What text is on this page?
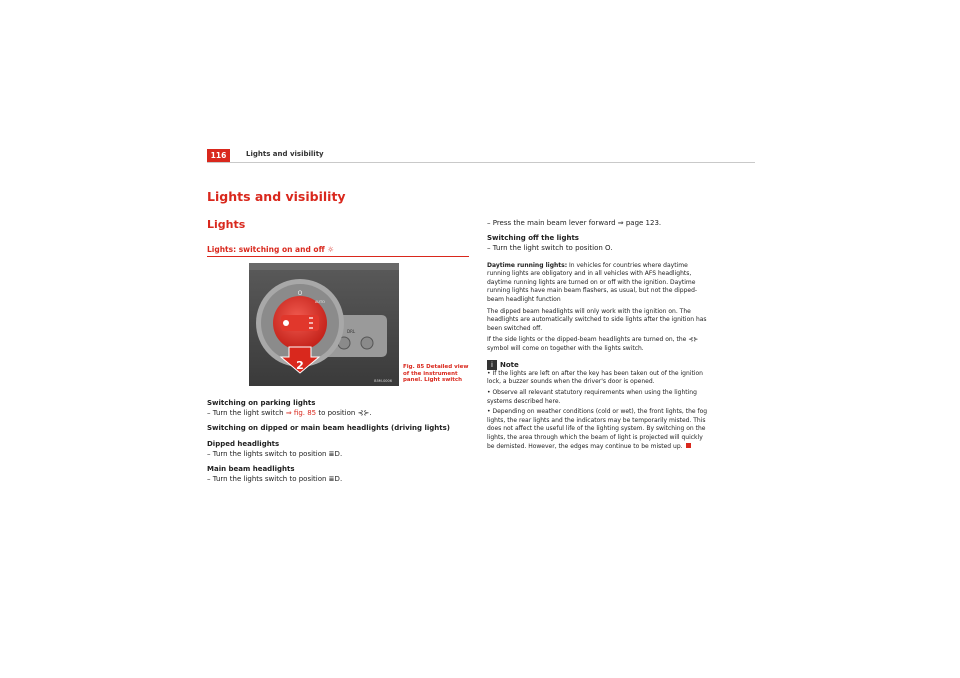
116	Lights and visibility
Lights and visibility
Lights
Lights: switching on and off ☼
O
AUTO
DRL
2
B5M-0006
Fig. 85 Detailed view of the instrument panel. Light switch

Switching on parking lights

– Turn the light switch ⇒ fig. 85 to position ⊰⊱.

Switching on dipped or main beam headlights (driving lights)

Dipped headlights

– Turn the lights switch to position ≣D.

Main beam headlights

– Turn the lights switch to position ≣D.

– Press the main beam lever forward ⇒ page 123.

Switching off the lights

– Turn the light switch to position O.

Daytime running lights: In vehicles for countries where daytime running lights are obligatory and in all vehicles with AFS headlights, daytime running lights are turned on or off with the ignition. Daytime running lights have main beam flashers, as usual, but not the dipped-beam headlight function

The dipped beam headlights will only work with the ignition on. The headlights are automatically switched to side lights after the ignition has been switched off.

If the side lights or the dipped-beam headlights are turned on, the ⊰⊱ symbol will come on together with the lights switch.

i Note

• If the lights are left on after the key has been taken out of the ignition lock, a buzzer sounds when the driver's door is opened.

• Observe all relevant statutory requirements when using the lighting systems described here.

• Depending on weather conditions (cold or wet), the front lights, the fog lights, the rear lights and the indicators may be temporarily misted. This does not affect the useful life of the lighting system. By switching on the lights, the area through which the beam of light is projected will quickly be demisted. However, the edges may continue to be misted up.
